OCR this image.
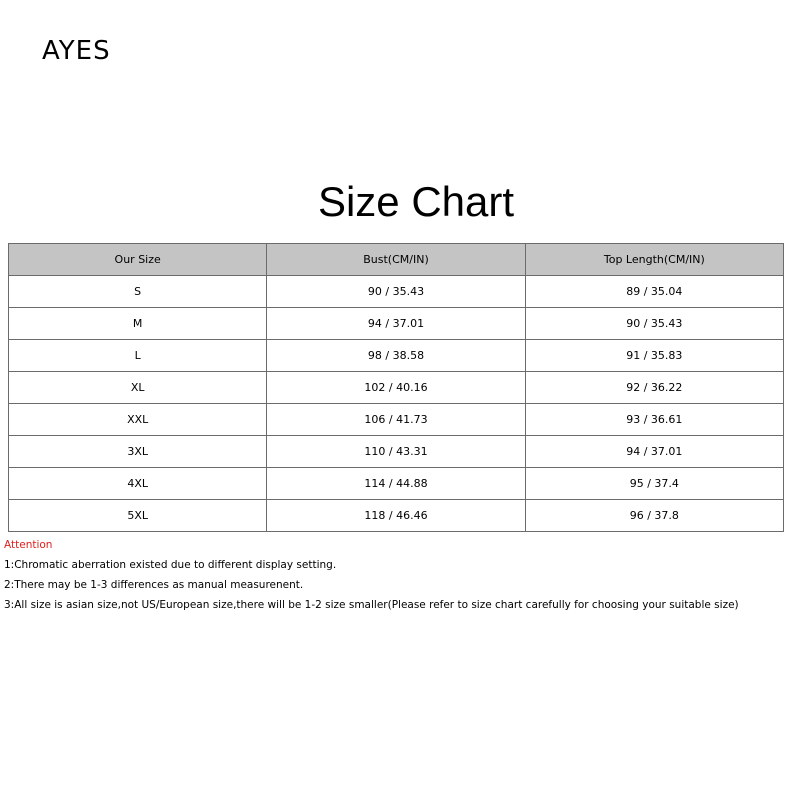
AYES
Size Chart
Our Size	Bust(CM/IN)	Top Length(CM/IN)
S	90 / 35.43	89 / 35.04
M	94 / 37.01	90 / 35.43
L	98 / 38.58	91 / 35.83
XL	102 / 40.16	92 / 36.22
XXL	106 / 41.73	93 / 36.61
3XL	110 / 43.31	94 / 37.01
4XL	114 / 44.88	95 / 37.4
5XL	118 / 46.46	96 / 37.8
Attention
1:Chromatic aberration existed due to different display setting.
2:There may be 1-3 differences as manual measurenent.
3:All size is asian size,not US/European size,there will be 1-2 size smaller(Please refer to size chart carefully for choosing your suitable size)
